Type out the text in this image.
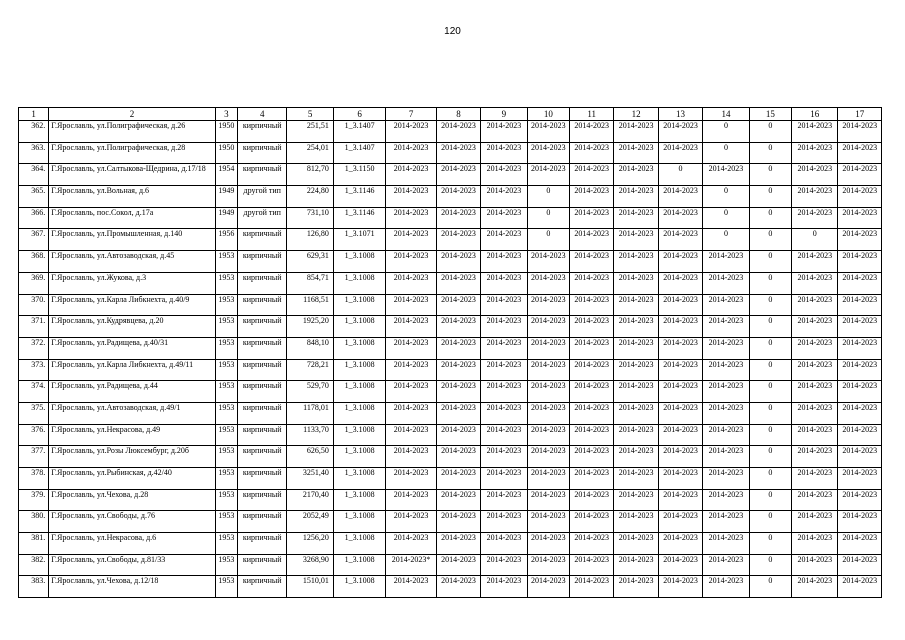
120
1	2	3	4	5	6	7	8	9	10	11	12	13	14	15	16	17
362.	Г.Ярославль, ул.Полиграфическая, д.26	1950	кирпичный	251,51	1_3.1407	2014-2023	2014-2023	2014-2023	2014-2023	2014-2023	2014-2023	2014-2023	0	0	2014-2023	2014-2023
363.	Г.Ярославль, ул.Полиграфическая, д.28	1950	кирпичный	254,01	1_3.1407	2014-2023	2014-2023	2014-2023	2014-2023	2014-2023	2014-2023	2014-2023	0	0	2014-2023	2014-2023
364.	Г.Ярославль, ул.Салтыкова-Щедрина, д.17/18	1954	кирпичный	812,70	1_3.1150	2014-2023	2014-2023	2014-2023	2014-2023	2014-2023	2014-2023	0	2014-2023	0	2014-2023	2014-2023
365.	Г.Ярославль, ул.Вольная, д.6	1949	другой тип	224,80	1_3.1146	2014-2023	2014-2023	2014-2023	0	2014-2023	2014-2023	2014-2023	0	0	2014-2023	2014-2023
366.	Г.Ярославль, пос.Сокол, д.17а	1949	другой тип	731,10	1_3.1146	2014-2023	2014-2023	2014-2023	0	2014-2023	2014-2023	2014-2023	0	0	2014-2023	2014-2023
367.	Г.Ярославль, ул.Промышленная, д.140	1956	кирпичный	126,80	1_3.1071	2014-2023	2014-2023	2014-2023	0	2014-2023	2014-2023	2014-2023	0	0	0	2014-2023
368.	Г.Ярославль, ул.Автозаводская, д.45	1953	кирпичный	629,31	1_3.1008	2014-2023	2014-2023	2014-2023	2014-2023	2014-2023	2014-2023	2014-2023	2014-2023	0	2014-2023	2014-2023
369.	Г.Ярославль, ул.Жукова, д.3	1953	кирпичный	854,71	1_3.1008	2014-2023	2014-2023	2014-2023	2014-2023	2014-2023	2014-2023	2014-2023	2014-2023	0	2014-2023	2014-2023
370.	Г.Ярославль, ул.Карла Либкнехта, д.40/9	1953	кирпичный	1168,51	1_3.1008	2014-2023	2014-2023	2014-2023	2014-2023	2014-2023	2014-2023	2014-2023	2014-2023	0	2014-2023	2014-2023
371.	Г.Ярославль, ул.Кудрявцева, д.20	1953	кирпичный	1925,20	1_3.1008	2014-2023	2014-2023	2014-2023	2014-2023	2014-2023	2014-2023	2014-2023	2014-2023	0	2014-2023	2014-2023
372.	Г.Ярославль, ул.Радищева, д.40/31	1953	кирпичный	848,10	1_3.1008	2014-2023	2014-2023	2014-2023	2014-2023	2014-2023	2014-2023	2014-2023	2014-2023	0	2014-2023	2014-2023
373.	Г.Ярославль, ул.Карла Либкнехта, д.49/11	1953	кирпичный	728,21	1_3.1008	2014-2023	2014-2023	2014-2023	2014-2023	2014-2023	2014-2023	2014-2023	2014-2023	0	2014-2023	2014-2023
374.	Г.Ярославль, ул.Радищева, д.44	1953	кирпичный	529,70	1_3.1008	2014-2023	2014-2023	2014-2023	2014-2023	2014-2023	2014-2023	2014-2023	2014-2023	0	2014-2023	2014-2023
375.	Г.Ярославль, ул.Автозаводская, д.49/1	1953	кирпичный	1178,01	1_3.1008	2014-2023	2014-2023	2014-2023	2014-2023	2014-2023	2014-2023	2014-2023	2014-2023	0	2014-2023	2014-2023
376.	Г.Ярославль, ул.Некрасова, д.49	1953	кирпичный	1133,70	1_3.1008	2014-2023	2014-2023	2014-2023	2014-2023	2014-2023	2014-2023	2014-2023	2014-2023	0	2014-2023	2014-2023
377.	Г.Ярославль, ул.Розы Люксембург, д.20б	1953	кирпичный	626,50	1_3.1008	2014-2023	2014-2023	2014-2023	2014-2023	2014-2023	2014-2023	2014-2023	2014-2023	0	2014-2023	2014-2023
378.	Г.Ярославль, ул.Рыбинская, д.42/40	1953	кирпичный	3251,40	1_3.1008	2014-2023	2014-2023	2014-2023	2014-2023	2014-2023	2014-2023	2014-2023	2014-2023	0	2014-2023	2014-2023
379.	Г.Ярославль, ул.Чехова, д.28	1953	кирпичный	2170,40	1_3.1008	2014-2023	2014-2023	2014-2023	2014-2023	2014-2023	2014-2023	2014-2023	2014-2023	0	2014-2023	2014-2023
380.	Г.Ярославль, ул.Свободы, д.76	1953	кирпичный	2052,49	1_3.1008	2014-2023	2014-2023	2014-2023	2014-2023	2014-2023	2014-2023	2014-2023	2014-2023	0	2014-2023	2014-2023
381.	Г.Ярославль, ул.Некрасова, д.6	1953	кирпичный	1256,20	1_3.1008	2014-2023	2014-2023	2014-2023	2014-2023	2014-2023	2014-2023	2014-2023	2014-2023	0	2014-2023	2014-2023
382.	Г.Ярославль, ул.Свободы, д.81/33	1953	кирпичный	3268,90	1_3.1008	2014-2023*	2014-2023	2014-2023	2014-2023	2014-2023	2014-2023	2014-2023	2014-2023	0	2014-2023	2014-2023
383.	Г.Ярославль, ул.Чехова, д.12/18	1953	кирпичный	1510,01	1_3.1008	2014-2023	2014-2023	2014-2023	2014-2023	2014-2023	2014-2023	2014-2023	2014-2023	0	2014-2023	2014-2023
